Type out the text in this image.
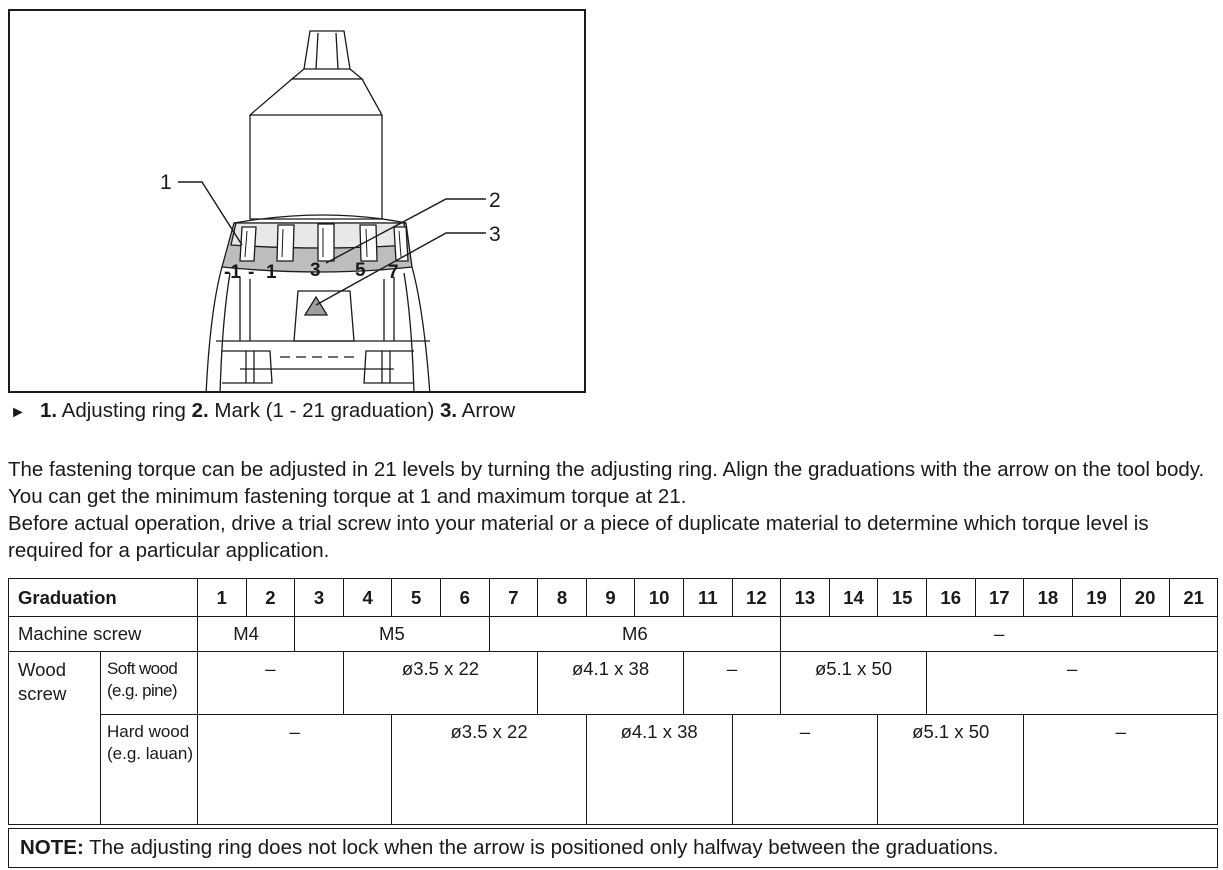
-1 - 1 3 5 7
1
2
3
► 1. Adjusting ring 2. Mark (1 - 21 graduation) 3. Arrow

The fastening torque can be adjusted in 21 levels by turning the adjusting ring. Align the graduations with the arrow on the tool body. You can get the minimum fastening torque at 1 and maximum torque at 21.

Before actual operation, drive a trial screw into your material or a piece of duplicate material to determine which torque level is required for a particular application.

Graduation		1	2	3	4	5	6	7	8	9	10	11	12	13	14	15	16	17	18	19	20	21
Machine screw		M4		M5				M6						–								
Wood screw	Soft wood (e.g. pine)	–			ø3.5 x 22				ø4.1 x 38			–		ø5.1 x 50			–					
	Hard wood (e.g. lauan)	–				ø3.5 x 22				ø4.1 x 38			–			ø5.1 x 50			–			
NOTE: The adjusting ring does not lock when the arrow is positioned only halfway between the graduations.
